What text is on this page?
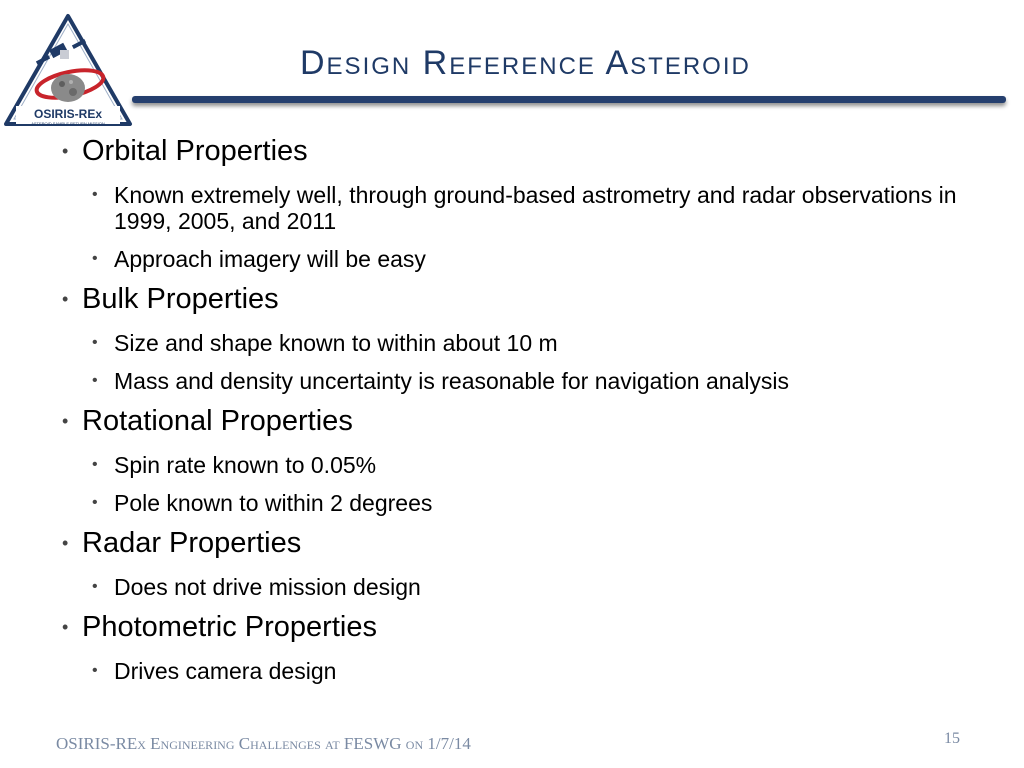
OSIRIS-REx
ASTEROID SAMPLE RETURN MISSION
Design Reference Asteroid
• Orbital Properties
• Known extremely well, through ground-based astrometry and radar observations in 1999, 2005, and 2011
• Approach imagery will be easy
• Bulk Properties
• Size and shape known to within about 10 m
• Mass and density uncertainty is reasonable for navigation analysis
• Rotational Properties
• Spin rate known to 0.05%
• Pole known to within 2 degrees
• Radar Properties
• Does not drive mission design
• Photometric Properties
• Drives camera design
OSIRIS-REx Engineering Challenges at FESWG on 1/7/14	15
